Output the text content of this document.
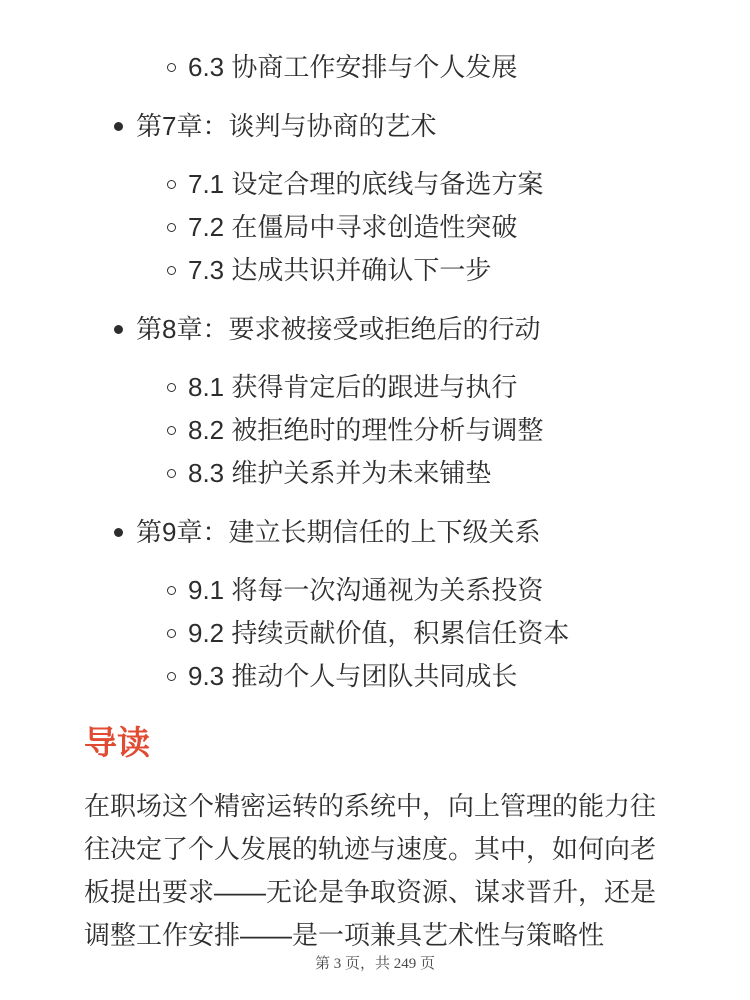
6.3 协商工作安排与个人发展
第7章：谈判与协商的艺术
7.1 设定合理的底线与备选方案
7.2 在僵局中寻求创造性突破
7.3 达成共识并确认下一步
第8章：要求被接受或拒绝后的行动
8.1 获得肯定后的跟进与执行
8.2 被拒绝时的理性分析与调整
8.3 维护关系并为未来铺垫
第9章：建立长期信任的上下级关系
9.1 将每一次沟通视为关系投资
9.2 持续贡献价值，积累信任资本
9.3 推动个人与团队共同成长
导读

在职场这个精密运转的系统中，向上管理的能力往往决定了个人发展的轨迹与速度。其中，如何向老板提出要求——无论是争取资源、谋求晋升，还是调整工作安排——是一项兼具艺术性与策略性

第 3 页，共 249 页
